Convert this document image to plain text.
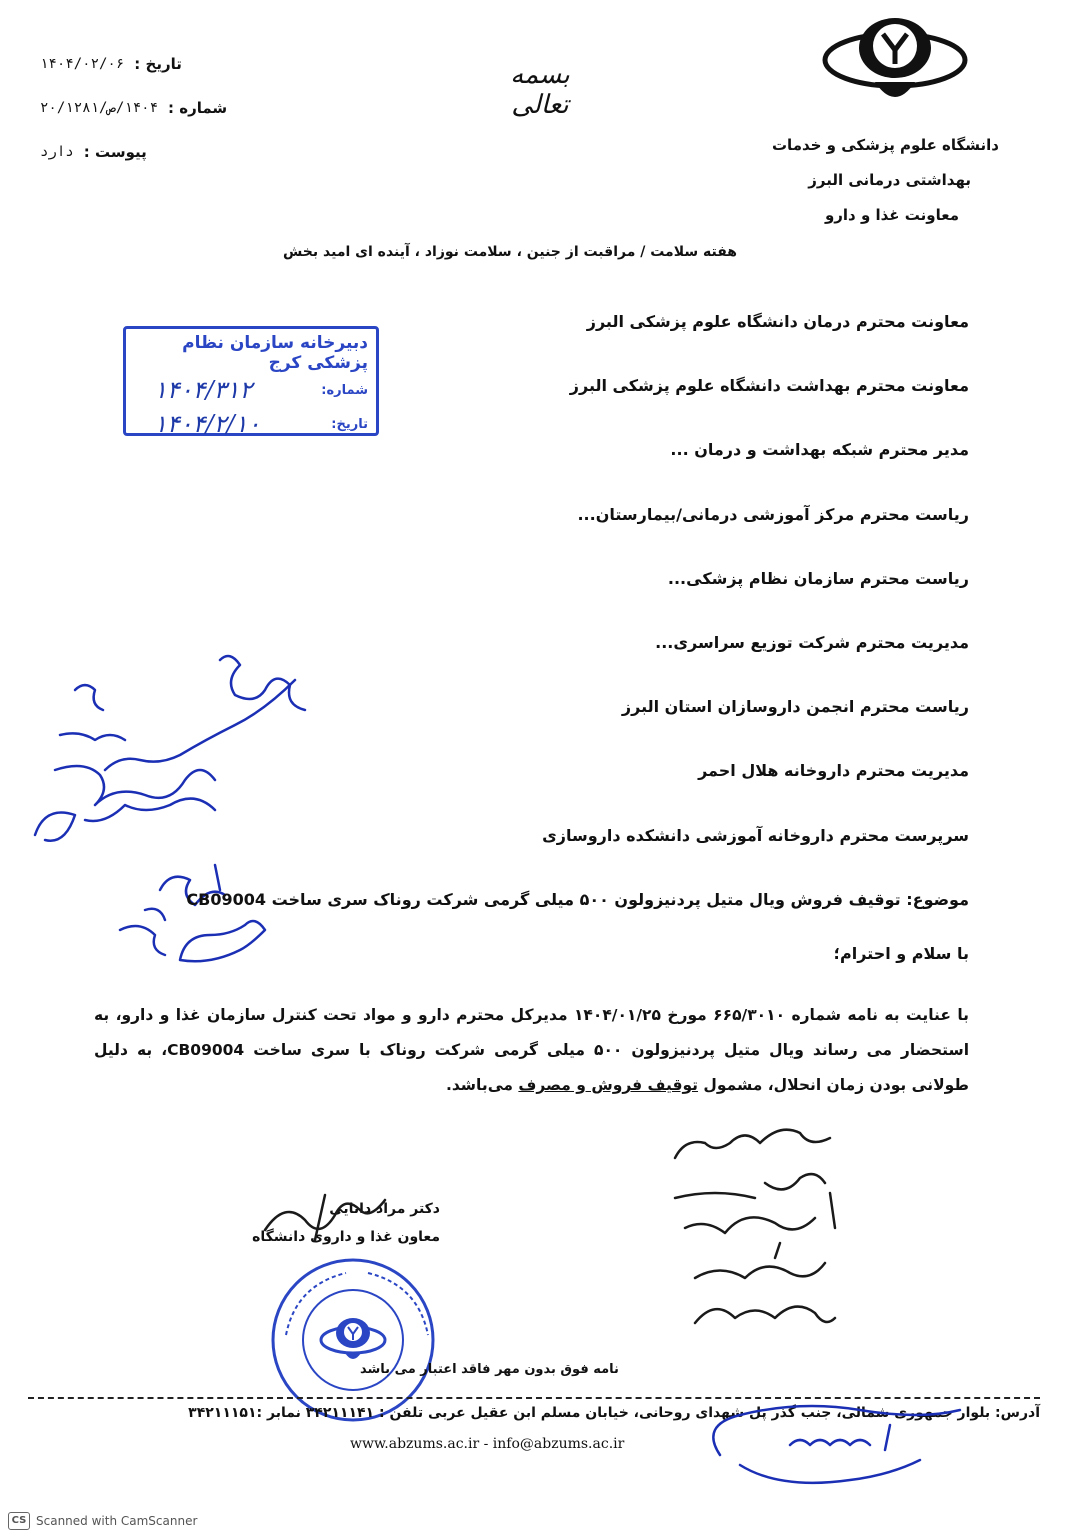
تاریخ :
۱۴۰۴/۰۲/۰۶
شماره :
۱۴۰۴/ص/۲۰/۱۲۸۱
پیوست :
دارد
بسمه تعالی
دانشگاه علوم پزشکی و خدمات
بهداشتی درمانی البرز
معاونت غذا و دارو
هفته سلامت / مراقبت از جنین ، سلامت نوزاد ، آینده ای امید بخش
دبیرخانه سازمان نظام پزشکی کرج
شماره:
۱۴۰۴/۳۱۲
تاریخ:
۱۴۰۴/۲/۱۰
معاونت محترم درمان دانشگاه علوم پزشکی البرز
معاونت محترم بهداشت دانشگاه علوم پزشکی البرز
مدیر محترم شبکه بهداشت و درمان ...
ریاست محترم مرکز آموزشی درمانی/بیمارستان...
ریاست محترم سازمان نظام پزشکی...
مدیریت محترم شرکت توزیع سراسری...
ریاست محترم انجمن داروسازان استان البرز
مدیریت محترم داروخانه هلال احمر
سرپرست محترم داروخانه آموزشی دانشکده داروسازی
موضوع: توقیف فروش ویال متیل پردنیزولون ۵۰۰ میلی گرمی شرکت روناک سری ساخت CB09004
با سلام و احترام؛
با عنایت به نامه شماره ۶۶۵/۳۰۱۰ مورخ ۱۴۰۴/۰۱/۲۵ مدیرکل محترم دارو و مواد تحت کنترل سازمان غذا و دارو، به استحضار می رساند ویال متیل پردنیزولون ۵۰۰ میلی گرمی شرکت روناک با سری ساخت CB09004، به دلیل طولانی بودن زمان انحلال، مشمول توقیف فروش و مصرف می‌باشد.
دکتر مراد دانایی
معاون غذا و داروی دانشگاه
نامه فوق بدون مهر فاقد اعتبار می باشد
آدرس: بلوار جمهوری شمالی، جنب گذر پل شهدای روحانی، خیابان مسلم ابن عقیل عربی تلفن : ۳۴۲۱۱۱۴۱ نمابر :۳۴۲۱۱۱۵۱
www.abzums.ac.ir - info@abzums.ac.ir
CS Scanned with CamScanner
